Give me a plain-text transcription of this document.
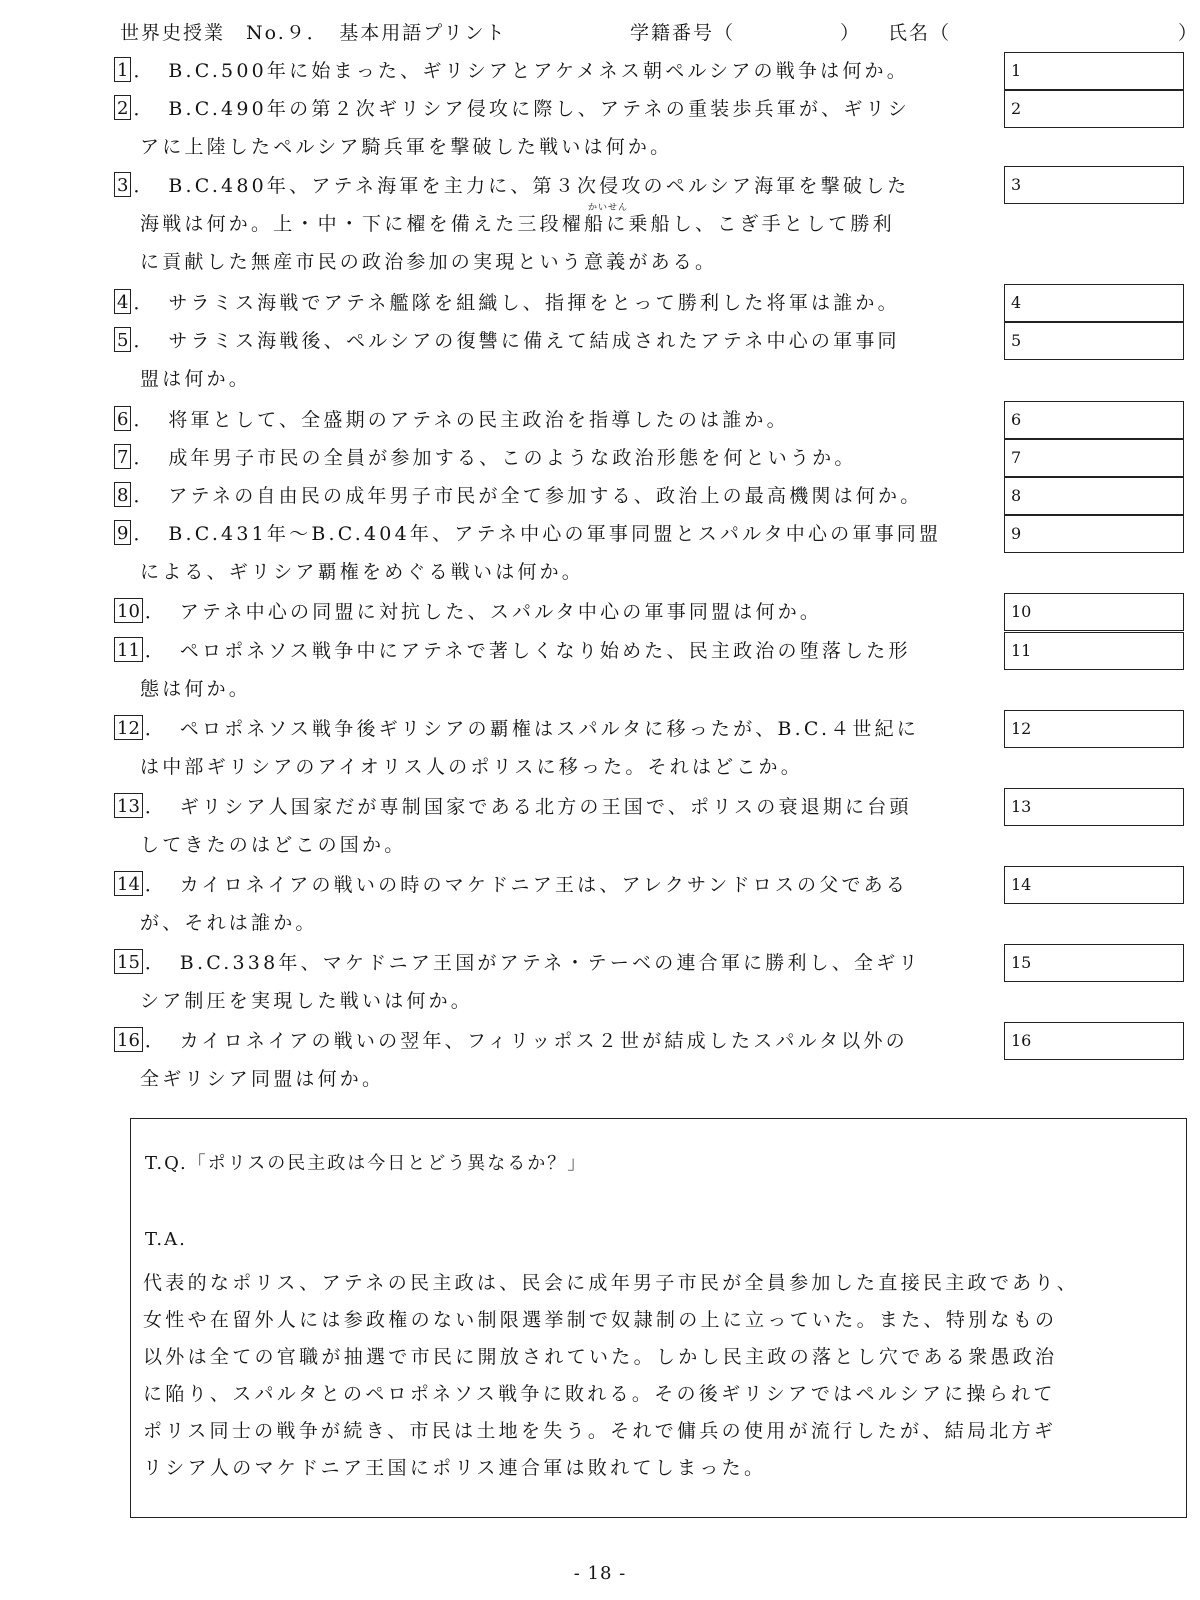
世界史授業　No.９．　基本用語プリント	学籍番号（　　　　　） 氏名（	）
1 ．　B.C.500年に始まった、ギリシアとアケメネス朝ペルシアの戦争は何か。	1
2 ．　B.C.490年の第２次ギリシア侵攻に際し、アテネの重装歩兵軍が、ギリシ
アに上陸したペルシア騎兵軍を撃破した戦いは何か。
2
3 ．　B.C.480年、アテネ海軍を主力に、第３次侵攻のペルシア海軍を撃破した
海戦は何か。上・中・下に櫂を備えた三段櫂船に乗船し、こぎ手として勝利
に貢献した無産市民の政治参加の実現という意義がある。
かいせん
3
4 ．　サラミス海戦でアテネ艦隊を組織し、指揮をとって勝利した将軍は誰か。	4
5 ．　サラミス海戦後、ペルシアの復讐に備えて結成されたアテネ中心の軍事同
盟は何か。
5
6 ．　将軍として、全盛期のアテネの民主政治を指導したのは誰か。	6
7 ．　成年男子市民の全員が参加する、このような政治形態を何というか。	7
8 ．　アテネの自由民の成年男子市民が全て参加する、政治上の最高機関は何か。	8
9 ．　B.C.431年～B.C.404年、アテネ中心の軍事同盟とスパルタ中心の軍事同盟
による、ギリシア覇権をめぐる戦いは何か。
9
10 ．　アテネ中心の同盟に対抗した、スパルタ中心の軍事同盟は何か。	10
11 ．　ペロポネソス戦争中にアテネで著しくなり始めた、民主政治の堕落した形
態は何か。
11
12 ．　ペロポネソス戦争後ギリシアの覇権はスパルタに移ったが、B.C.４世紀に
は中部ギリシアのアイオリス人のポリスに移った。それはどこか。
12
13 ．　ギリシア人国家だが専制国家である北方の王国で、ポリスの衰退期に台頭
してきたのはどこの国か。
13
14 ．　カイロネイアの戦いの時のマケドニア王は、アレクサンドロスの父である
が、それは誰か。
14
15 ．　B.C.338年、マケドニア王国がアテネ・テーベの連合軍に勝利し、全ギリ
シア制圧を実現した戦いは何か。
15
16 ．　カイロネイアの戦いの翌年、フィリッポス２世が結成したスパルタ以外の
全ギリシア同盟は何か。
16
T.Q.「ポリスの民主政は今日とどう異なるか？」
T.A.
代表的なポリス、アテネの民主政は、民会に成年男子市民が全員参加した直接民主政であり、
女性や在留外人には参政権のない制限選挙制で奴隷制の上に立っていた。また、特別なもの
以外は全ての官職が抽選で市民に開放されていた。しかし民主政の落とし穴である衆愚政治
に陥り、スパルタとのペロポネソス戦争に敗れる。その後ギリシアではペルシアに操られて
ポリス同士の戦争が続き、市民は土地を失う。それで傭兵の使用が流行したが、結局北方ギ
リシア人のマケドニア王国にポリス連合軍は敗れてしまった。
- 18 -
